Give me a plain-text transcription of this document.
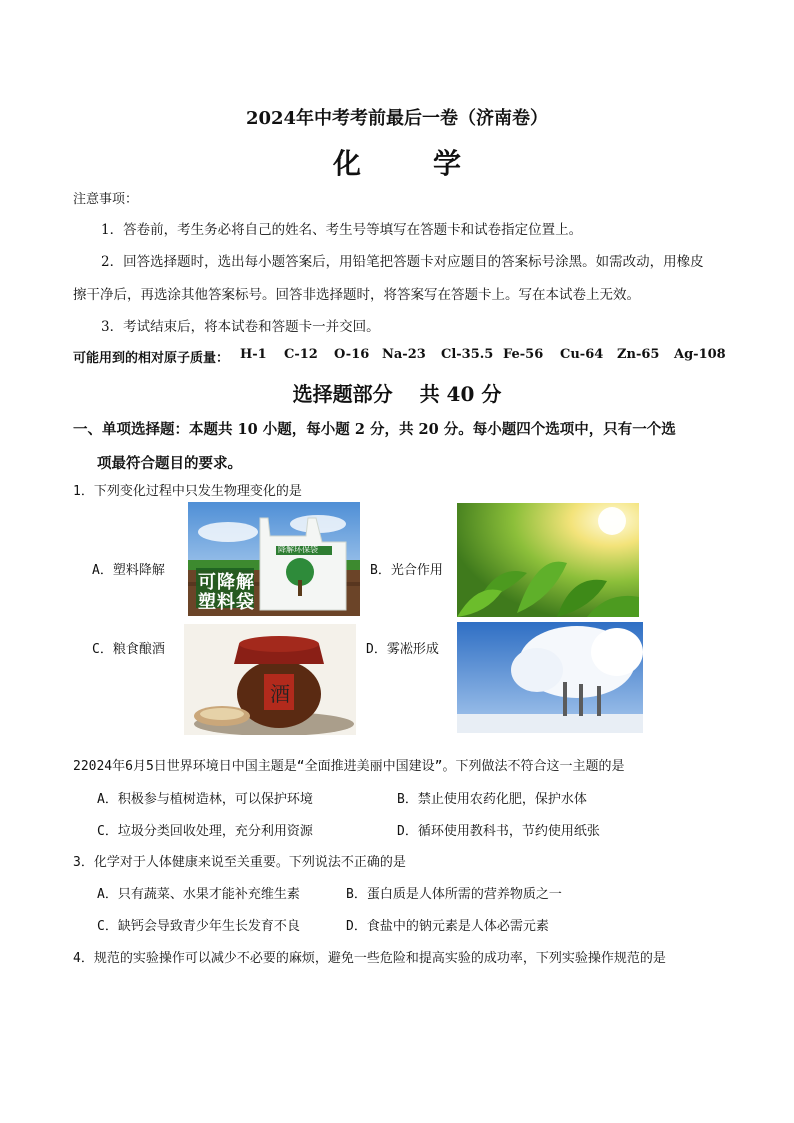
2024年中考考前最后一卷（济南卷）
化　学
注意事项：
1．答卷前，考生务必将自己的姓名、考生号等填写在答题卡和试卷指定位置上。
2．回答选择题时，选出每小题答案后，用铅笔把答题卡对应题目的答案标号涂黑。如需改动，用橡皮
擦干净后，再选涂其他答案标号。回答非选择题时，将答案写在答题卡上。写在本试卷上无效。
3．考试结束后，将本试卷和答题卡一并交回。
可能用到的相对原子质量： H-1 C-12 O-16 Na-23 Cl-35.5 Fe-56 Cu-64 Zn-65 Ag-108
选择题部分　 共 40 分
一、单项选择题：本题共 10 小题，每小题 2 分，共 20 分。每小题四个选项中，只有一个选
项最符合题目的要求。
1．下列变化过程中只发生物理变化的是
A．塑料降解
可降解
塑料袋
降解环保袋
B．光合作用
C．粮食酿酒
酒
D．雾凇形成
22024年6月5日世界环境日中国主题是“全面推进美丽中国建设”。下列做法不符合这一主题的是
A．积极参与植树造林，可以保护环境	B．禁止使用农药化肥，保护水体
C．垃圾分类回收处理，充分利用资源	D．循环使用教科书，节约使用纸张
3．化学对于人体健康来说至关重要。下列说法不正确的是
A．只有蔬菜、水果才能补充维生素	B．蛋白质是人体所需的营养物质之一
C．缺钙会导致青少年生长发育不良	D．食盐中的钠元素是人体必需元素
4．规范的实验操作可以减少不必要的麻烦，避免一些危险和提高实验的成功率，下列实验操作规范的是
